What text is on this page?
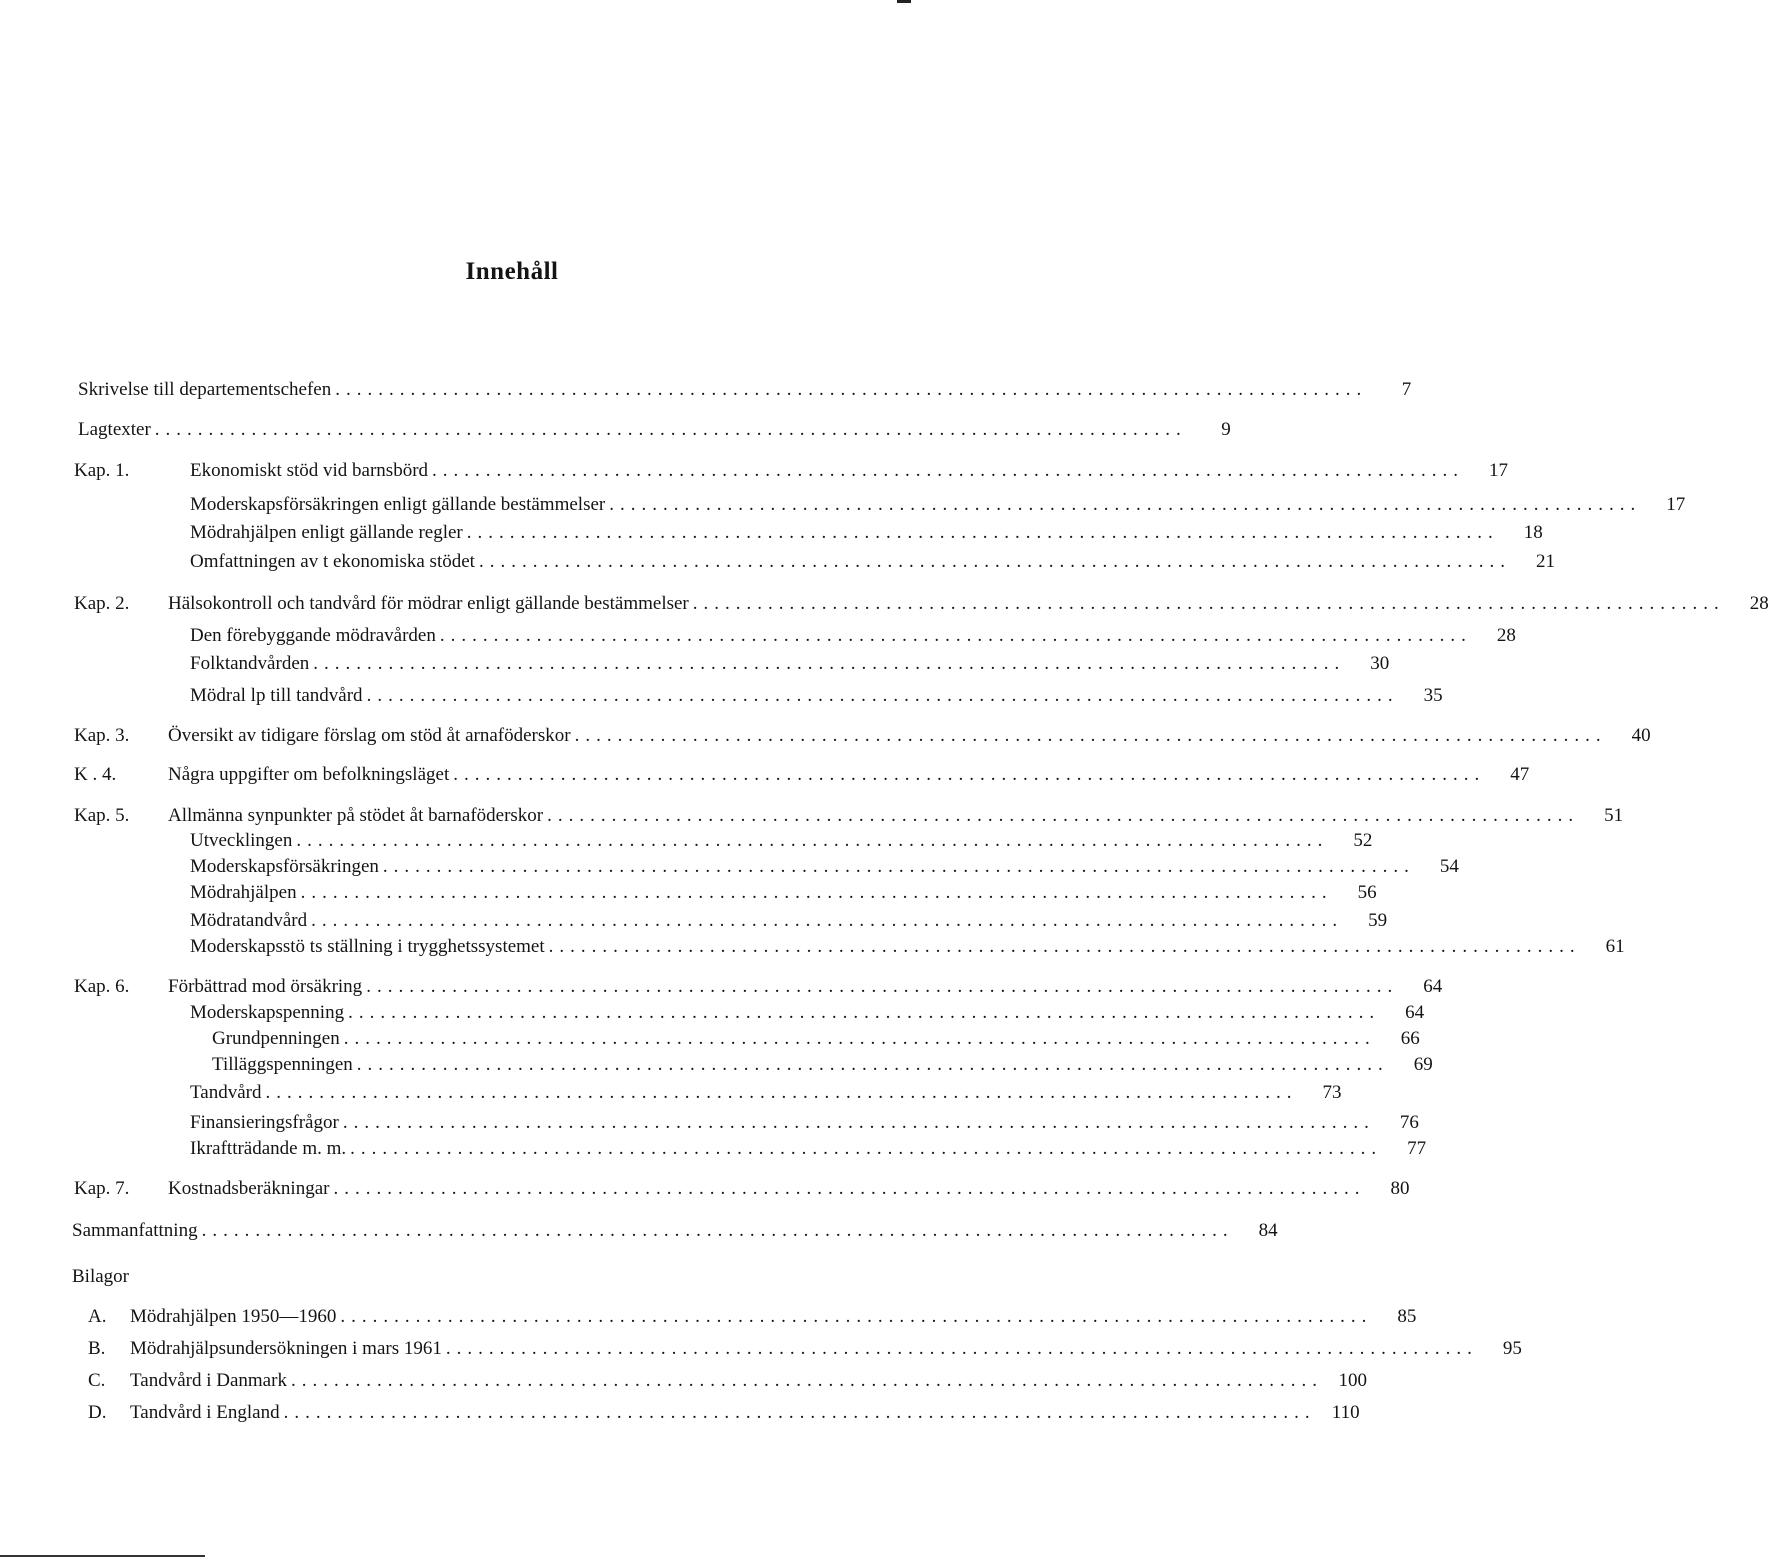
Innehåll
Skrivelse till departementschefen ................................................................................................	7
Lagtexter ................................................................................................	9
Kap. 1.	Ekonomiskt stöd vid barnsbörd ................................................................................................	17
Moderskapsförsäkringen enligt gällande bestämmelser ................................................................................................	17
Mödrahjälpen enligt gällande regler ................................................................................................	18
Omfattningen av t ekonomiska stödet ................................................................................................	21
Kap. 2. Hälsokontroll och tandvård för mödrar enligt gällande bestämmelser ................................................................................................	28
Den förebyggande mödravården ................................................................................................	28
Folktandvården ................................................................................................	30
Mödral lp till tandvård ................................................................................................	35
Kap. 3. Översikt av tidigare förslag om stöd åt arnaföderskor ................................................................................................	40
K . 4.	Några uppgifter om befolkningsläget ................................................................................................	47
Kap. 5. Allmänna synpunkter på stödet åt barnaföderskor ................................................................................................	51
Utvecklingen ................................................................................................	52
Moderskapsförsäkringen ................................................................................................	54
Mödrahjälpen ................................................................................................	56
Mödratandvård ................................................................................................	59
Moderskapsstö ts ställning i trygghetssystemet ................................................................................................	61
Kap. 6. Förbättrad mod örsäkring ................................................................................................	64
Moderskapspenning ................................................................................................	64
Grundpenningen ................................................................................................	66
Tilläggspenningen ................................................................................................	69
Tandvård ................................................................................................	73
Finansieringsfrågor ................................................................................................	76
Ikraftträdande m. m. ................................................................................................	77
Kap. 7. Kostnadsberäkningar ................................................................................................	80
Sammanfattning ................................................................................................	84
A. Mödrahjälpen 1950—1960 ................................................................................................	85
B. Mödrahjälpsundersökningen i mars 1961 ................................................................................................	95
C. Tandvård i Danmark ................................................................................................ 100
D. Tandvård i England ................................................................................................ 110
Bilagor
